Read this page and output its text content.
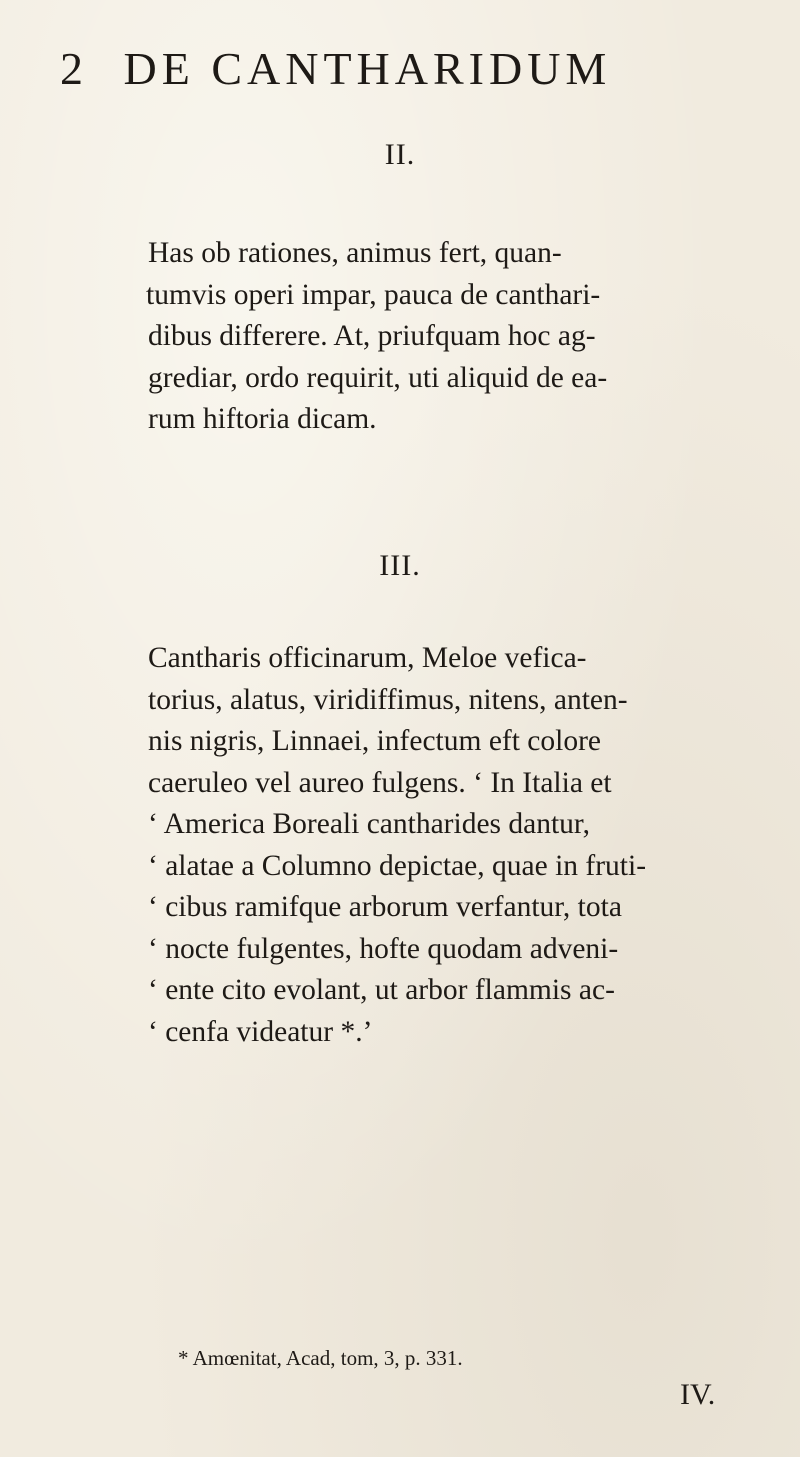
2 DE CANTHARIDUM
II.
Has ob rationes, animus fert, quan-
tumvis operi impar, pauca de canthari-
dibus differere. At, priufquam hoc ag-
grediar, ordo requirit, uti aliquid de ea-
rum hiftoria dicam.
III.
Cantharis officinarum, Meloe vefica-
torius, alatus, viridiffimus, nitens, anten-
nis nigris, Linnaei, infectum eft colore
caeruleo vel aureo fulgens. ‘ In Italia et
‘ America Boreali cantharides dantur,
‘ alatae a Columno depictae, quae in fruti-
‘ cibus ramifque arborum verfantur, tota
‘ nocte fulgentes, hofte quodam adveni-
‘ ente cito evolant, ut arbor flammis ac-
‘ cenfa videatur *.’
* Amœnitat, Acad, tom, 3, p. 331.
IV.
